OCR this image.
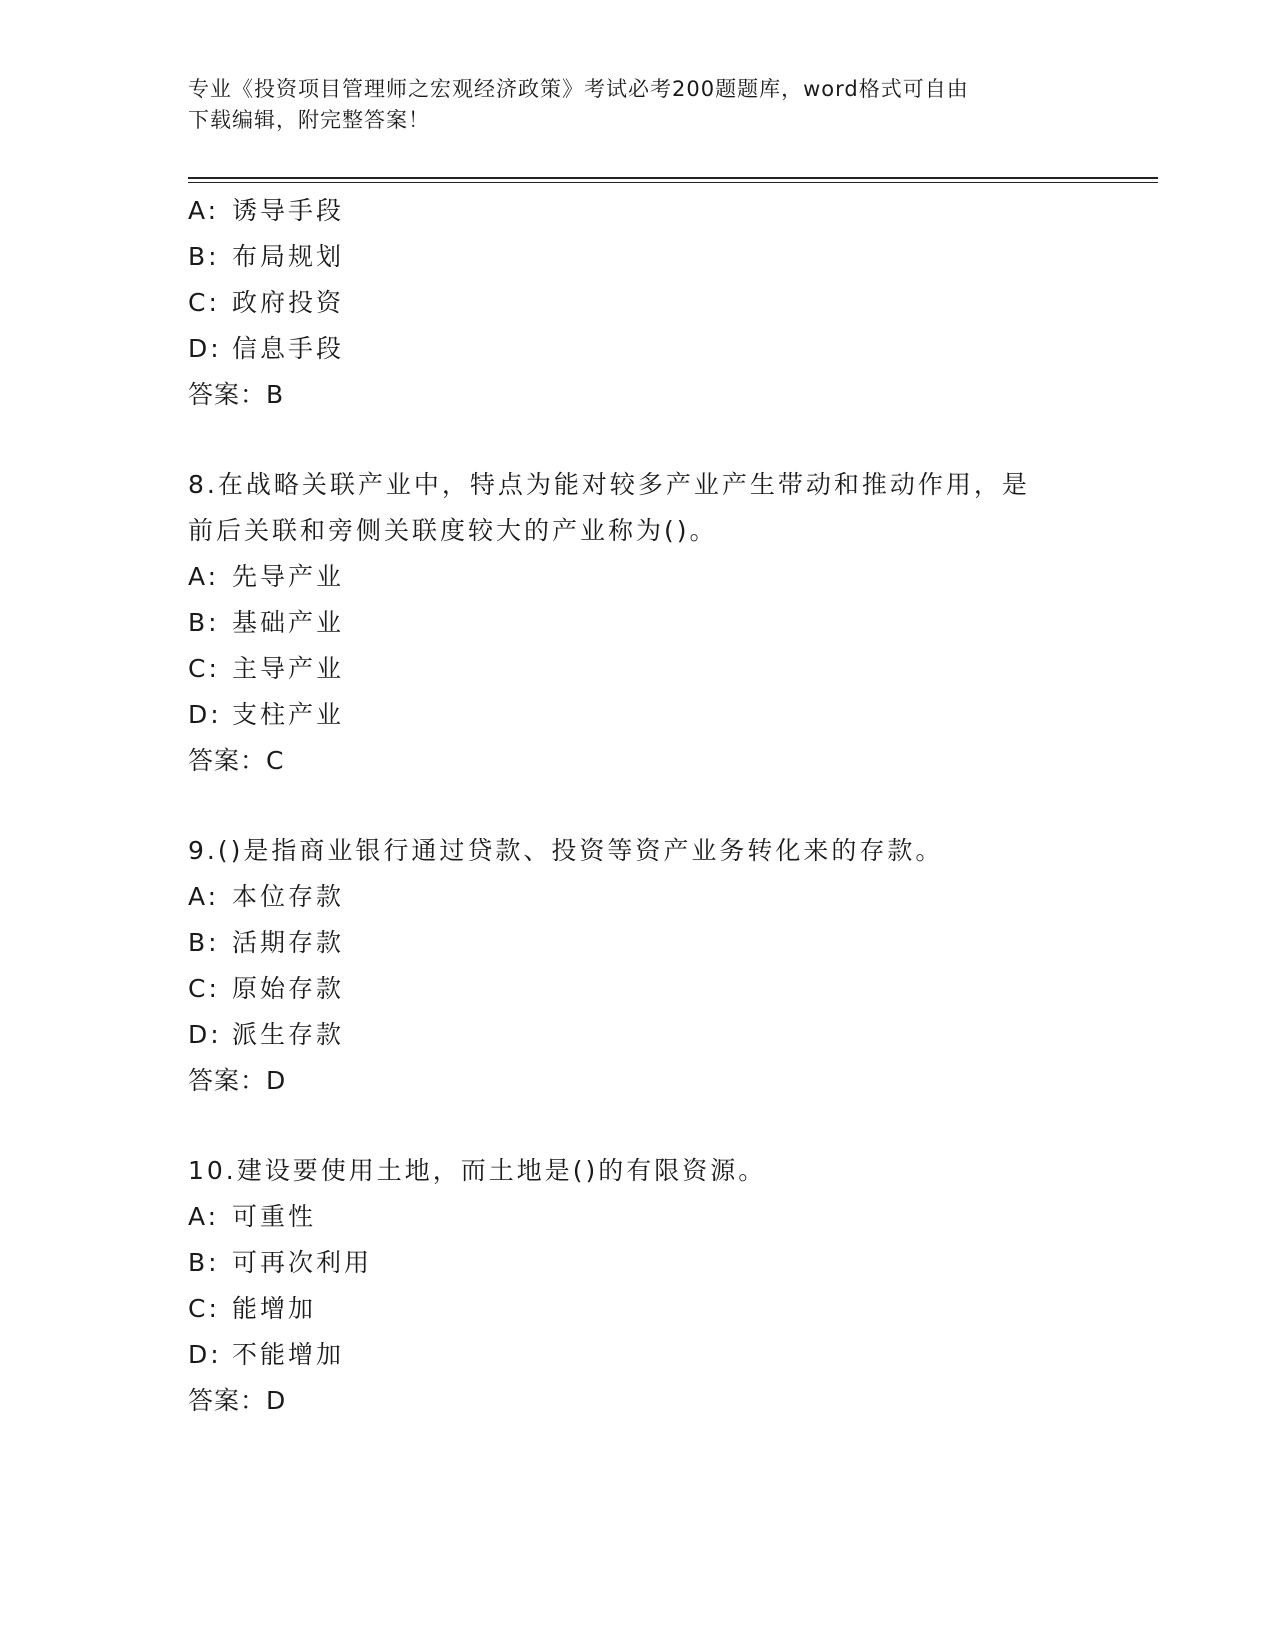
专业《投资项目管理师之宏观经济政策》考试必考200题题库，word格式可自由
下载编辑，附完整答案！
A: 诱导手段
B: 布局规划
C: 政府投资
D: 信息手段
答案：B
8.在战略关联产业中，特点为能对较多产业产生带动和推动作用，是
前后关联和旁侧关联度较大的产业称为()。
A: 先导产业
B: 基础产业
C: 主导产业
D: 支柱产业
答案：C
9.()是指商业银行通过贷款、投资等资产业务转化来的存款。
A: 本位存款
B: 活期存款
C: 原始存款
D: 派生存款
答案：D
10.建设要使用土地，而土地是()的有限资源。
A: 可重性
B: 可再次利用
C: 能增加
D: 不能增加
答案：D
